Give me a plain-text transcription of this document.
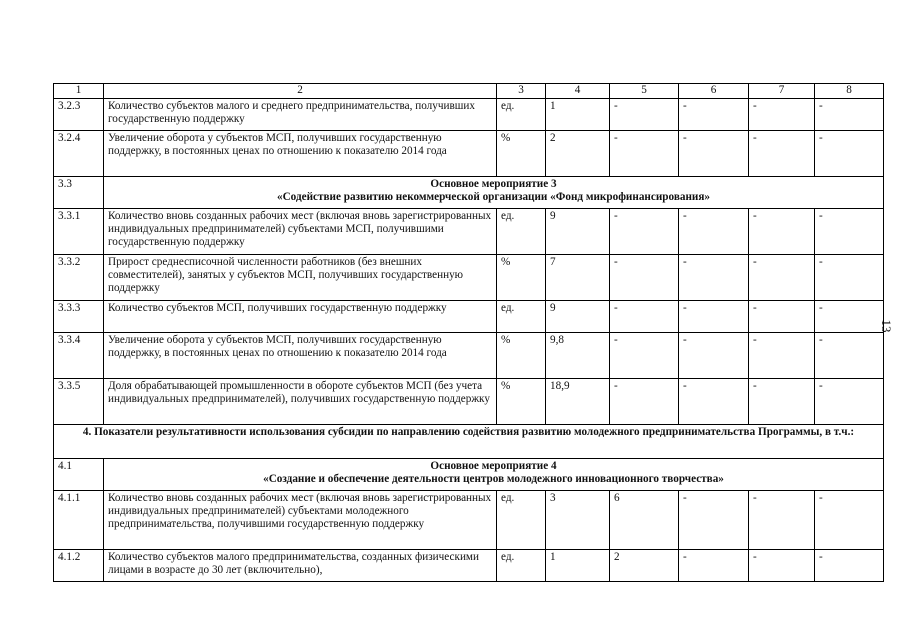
13
1	2	3	4	5	6	7	8
3.2.3	Количество субъектов малого и среднего предпринимательства, получивших государственную поддержку	ед.	1	-	-	-	-
3.2.4	Увеличение оборота у субъектов МСП, получивших государственную поддержку, в постоянных ценах по отношению к показателю 2014 года	%	2	-	-	-	-
3.3	Основное мероприятие 3
«Содействие развитию некоммерческой организации «Фонд микрофинансирования»						

3.3.1	Количество вновь созданных рабочих мест (включая вновь зарегистрированных индивидуальных предпринимателей) субъектами МСП, получившими государственную поддержку	ед.	9	-	-	-	-
3.3.2	Прирост среднесписочной численности работников (без внешних совместителей), занятых у субъектов МСП, получивших государственную поддержку	%	7	-	-	-	-
3.3.3	Количество субъектов МСП, получивших государственную поддержку	ед.	9	-	-	-	-
3.3.4	Увеличение оборота у субъектов МСП, получивших государственную поддержку, в постоянных ценах по отношению к показателю 2014 года	%	9,8	-	-	-	-
3.3.5	Доля обрабатывающей промышленности в обороте субъектов МСП (без учета индивидуальных предпринимателей), получивших государственную поддержку	%	18,9	-	-	-	-
4. Показатели результативности использования субсидии по направлению содействия развитию молодежного предпринимательства Программы, в т.ч.:							
4.1	Основное мероприятие 4
«Создание и обеспечение деятельности центров молодежного инновационного творчества»						

4.1.1	Количество вновь созданных рабочих мест (включая вновь зарегистрированных индивидуальных предпринимателей) субъектами молодежного предпринимательства, получившими государственную поддержку	ед.	3	6	-	-	-
4.1.2	Количество субъектов малого предпринимательства, созданных физическими лицами в возрасте до 30 лет (включительно),	ед.	1	2	-	-	-
